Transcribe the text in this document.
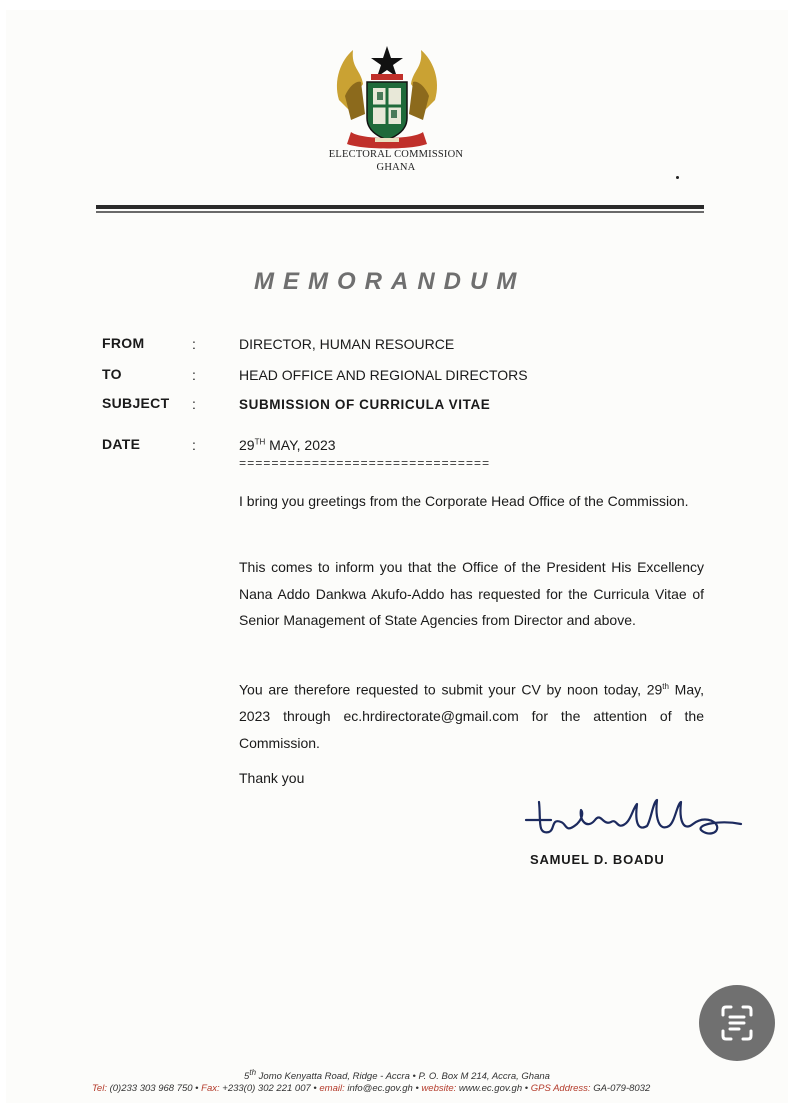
ELECTORAL COMMISSION
GHANA
MEMORANDUM
FROM	:	DIRECTOR, HUMAN RESOURCE
TO	:	HEAD OFFICE AND REGIONAL DIRECTORS
SUBJECT :	SUBMISSION OF CURRICULA VITAE
DATE	:	29TH MAY, 2023
===============================
I bring you greetings from the Corporate Head Office of the Commission.
This comes to inform you that the Office of the President His Excellency Nana Addo Dankwa Akufo-Addo has requested for the Curricula Vitae of Senior Management of State Agencies from Director and above.
You are therefore requested to submit your CV by noon today, 29th May, 2023 through ec.hrdirectorate@gmail.com for the attention of the Commission.
Thank you
SAMUEL D. BOADU
5th Jomo Kenyatta Road, Ridge - Accra • P. O. Box M 214, Accra, Ghana
Tel: (0)233 303 968 750 • Fax: +233(0) 302 221 007 • email: info@ec.gov.gh • website: www.ec.gov.gh • GPS Address: GA-079-8032
